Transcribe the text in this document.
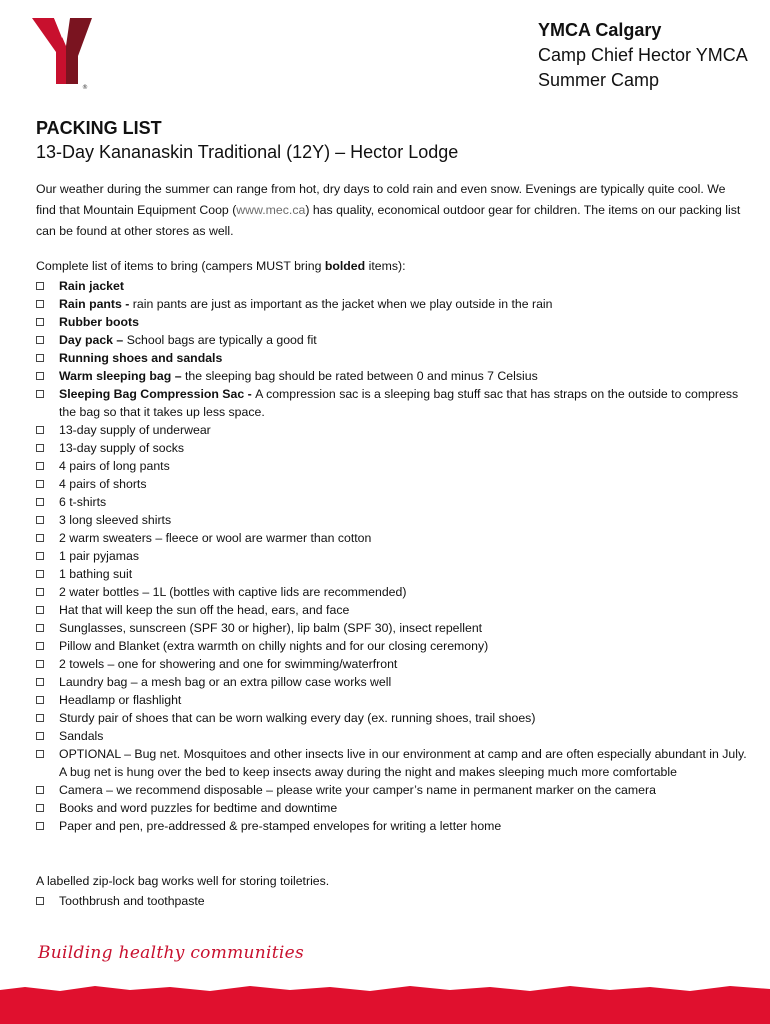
®
YMCA Calgary
Camp Chief Hector YMCA
Summer Camp
PACKING LIST
13-Day Kananaskin Traditional (12Y) – Hector Lodge
Our weather during the summer can range from hot, dry days to cold rain and even snow. Evenings are typically quite cool. We find that Mountain Equipment Coop (www.mec.ca) has quality, economical outdoor gear for children. The items on our packing list can be found at other stores as well.
Complete list of items to bring (campers MUST bring bolded items):
Rain jacket
Rain pants - rain pants are just as important as the jacket when we play outside in the rain
Rubber boots
Day pack – School bags are typically a good fit
Running shoes and sandals
Warm sleeping bag – the sleeping bag should be rated between 0 and minus 7 Celsius
Sleeping Bag Compression Sac - A compression sac is a sleeping bag stuff sac that has straps on the outside to compress the bag so that it takes up less space.
13-day supply of underwear
13-day supply of socks
4 pairs of long pants
4 pairs of shorts
6 t-shirts
3 long sleeved shirts
2 warm sweaters – fleece or wool are warmer than cotton
1 pair pyjamas
1 bathing suit
2 water bottles – 1L (bottles with captive lids are recommended)
Hat that will keep the sun off the head, ears, and face
Sunglasses, sunscreen (SPF 30 or higher), lip balm (SPF 30), insect repellent
Pillow and Blanket (extra warmth on chilly nights and for our closing ceremony)
2 towels – one for showering and one for swimming/waterfront
Laundry bag – a mesh bag or an extra pillow case works well
Headlamp or flashlight
Sturdy pair of shoes that can be worn walking every day (ex. running shoes, trail shoes)
Sandals
OPTIONAL – Bug net. Mosquitoes and other insects live in our environment at camp and are often especially abundant in July. A bug net is hung over the bed to keep insects away during the night and makes sleeping much more comfortable
Camera – we recommend disposable – please write your camper’s name in permanent marker on the camera
Books and word puzzles for bedtime and downtime
Paper and pen, pre-addressed & pre-stamped envelopes for writing a letter home
A labelled zip-lock bag works well for storing toiletries.
Toothbrush and toothpaste
Building healthy communities
